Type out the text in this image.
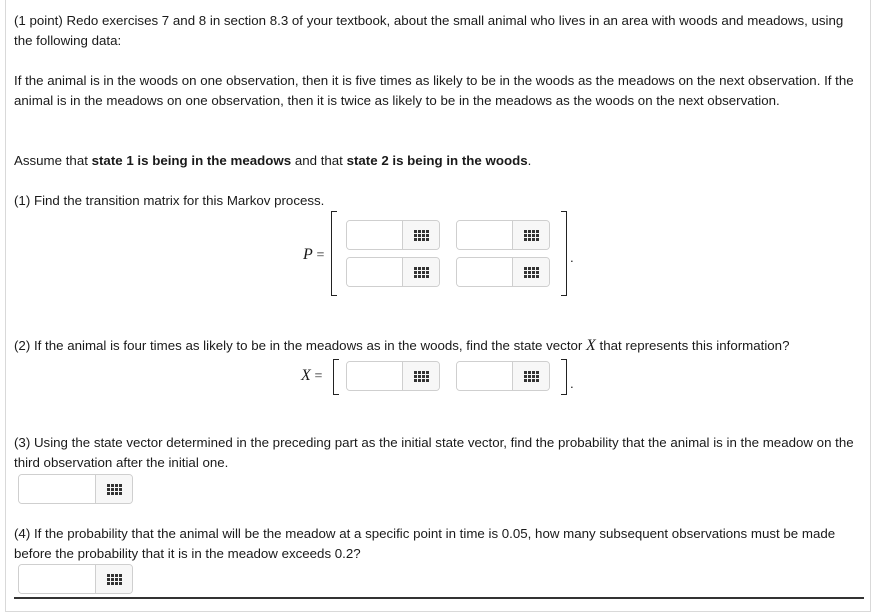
(1 point) Redo exercises 7 and 8 in section 8.3 of your textbook, about the small animal who lives in an area with woods and meadows, using the following data:

If the animal is in the woods on one observation, then it is five times as likely to be in the woods as the meadows on the next observation. If the animal is in the meadows on one observation, then it is twice as likely to be in the meadows as the woods on the next observation.

Assume that state 1 is being in the meadows and that state 2 is being in the woods.

(1) Find the transition matrix for this Markov process.

P =	.

(2) If the animal is four times as likely to be in the meadows as in the woods, find the state vector X that represents this information?

X =	.

(3) Using the state vector determined in the preceding part as the initial state vector, find the probability that the animal is in the meadow on the third observation after the initial one.

(4) If the probability that the animal will be the meadow at a specific point in time is 0.05, how many subsequent observations must be made before the probability that it is in the meadow exceeds 0.2?
